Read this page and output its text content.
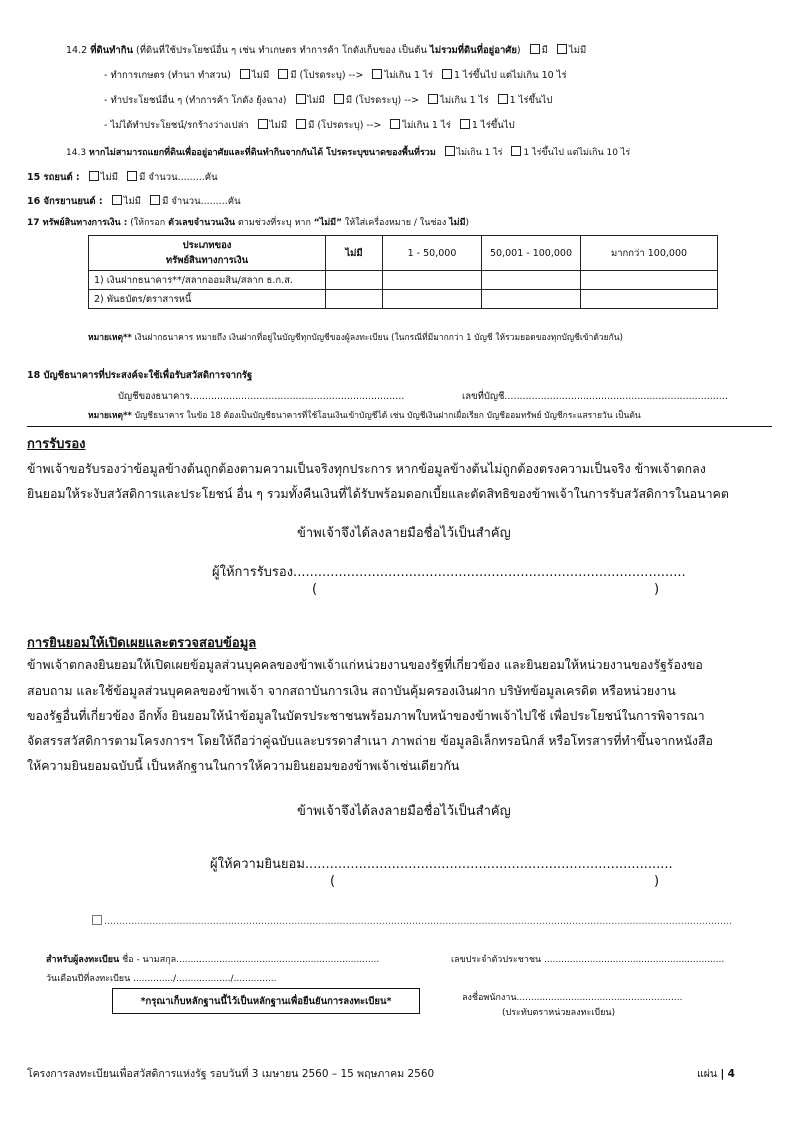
14.2 ที่ดินทำกิน (ที่ดินที่ใช้ประโยชน์อื่น ๆ เช่น ทำเกษตร ทำการค้า โกดังเก็บของ เป็นต้น ไม่รวมที่ดินที่อยู่อาศัย) มี ไม่มี
- ทำการเกษตร (ทำนา ทำสวน) ไม่มี มี (โปรดระบุ) --> ไม่เกิน 1 ไร่ 1 ไร่ขึ้นไป แต่ไม่เกิน 10 ไร่
- ทำประโยชน์อื่น ๆ (ทำการค้า โกดัง ยุ้งฉาง) ไม่มี มี (โปรดระบุ) --> ไม่เกิน 1 ไร่ 1 ไร่ขึ้นไป
- ไม่ได้ทำประโยชน์/รกร้างว่างเปล่า ไม่มี มี (โปรดระบุ) --> ไม่เกิน 1 ไร่ 1 ไร่ขึ้นไป
14.3 หากไม่สามารถแยกที่ดินเพื่ออยู่อาศัยและที่ดินทำกินจากกันได้ โปรดระบุขนาดของพื้นที่รวม ไม่เกิน 1 ไร่ 1 ไร่ขึ้นไป แต่ไม่เกิน 10 ไร่
15 รถยนต์ : ไม่มี มี จำนวน.........คัน
16 จักรยานยนต์ : ไม่มี มี จำนวน.........คัน
17 ทรัพย์สินทางการเงิน : (ให้กรอก ตัวเลขจำนวนเงิน ตามช่วงที่ระบุ หาก “ไม่มี” ให้ใส่เครื่องหมาย / ในช่อง ไม่มี)
ประเภทของ
ทรัพย์สินทางการเงิน	ไม่มี	1 - 50,000	50,001 - 100,000	มากกว่า 100,000
1) เงินฝากธนาคาร**/สลากออมสิน/สลาก ธ.ก.ส.				
2) พันธบัตร/ตราสารหนี้				
หมายเหตุ** เงินฝากธนาคาร หมายถึง เงินฝากที่อยู่ในบัญชีทุกบัญชีของผู้ลงทะเบียน (ในกรณีที่มีมากกว่า 1 บัญชี ให้รวมยอดของทุกบัญชีเข้าด้วยกัน)
18 บัญชีธนาคารที่ประสงค์จะใช้เพื่อรับสวัสดิการจากรัฐ
บัญชีของธนาคาร.......................................................................	เลขที่บัญชี..........................................................................
หมายเหตุ** บัญชีธนาคาร ในข้อ 18 ต้องเป็นบัญชีธนาคารที่ใช้โอนเงินเข้าบัญชีได้ เช่น บัญชีเงินฝากเผื่อเรียก บัญชีออมทรัพย์ บัญชีกระแสรายวัน เป็นต้น
การรับรอง
ข้าพเจ้าขอรับรองว่าข้อมูลข้างต้นถูกต้องตามความเป็นจริงทุกประการ หากข้อมูลข้างต้นไม่ถูกต้องตรงความเป็นจริง ข้าพเจ้าตกลง
ยินยอมให้ระงับสวัสดิการและประโยชน์ อื่น ๆ รวมทั้งคืนเงินที่ได้รับพร้อมดอกเบี้ยและตัดสิทธิของข้าพเจ้าในการรับสวัสดิการในอนาคต
ข้าพเจ้าจึงได้ลงลายมือชื่อไว้เป็นสำคัญ
ผู้ให้การรับรอง...............................................................................................
(	)
การยินยอมให้เปิดเผยและตรวจสอบข้อมูล
ข้าพเจ้าตกลงยินยอมให้เปิดเผยข้อมูลส่วนบุคคลของข้าพเจ้าแก่หน่วยงานของรัฐที่เกี่ยวข้อง และยินยอมให้หน่วยงานของรัฐร้องขอ
สอบถาม และใช้ข้อมูลส่วนบุคคลของข้าพเจ้า จากสถาบันการเงิน สถาบันคุ้มครองเงินฝาก บริษัทข้อมูลเครดิต หรือหน่วยงาน
ของรัฐอื่นที่เกี่ยวข้อง อีกทั้ง ยินยอมให้นำข้อมูลในบัตรประชาชนพร้อมภาพใบหน้าของข้าพเจ้าไปใช้ เพื่อประโยชน์ในการพิจารณา
จัดสรรสวัสดิการตามโครงการฯ โดยให้ถือว่าคู่ฉบับและบรรดาสำเนา ภาพถ่าย ข้อมูลอิเล็กทรอนิกส์ หรือโทรสารที่ทำขึ้นจากหนังสือ
ให้ความยินยอมฉบับนี้ เป็นหลักฐานในการให้ความยินยอมของข้าพเจ้าเช่นเดียวกัน
ข้าพเจ้าจึงได้ลงลายมือชื่อไว้เป็นสำคัญ
ผู้ให้ความยินยอม.........................................................................................
(	)
................................................................................................................................................................................................................
สำหรับผู้ลงทะเบียน ชื่อ - นามสกุล.......................................................................	เลขประจำตัวประชาชน ...............................................................
วันเดือนปีที่ลงทะเบียน ............../.................../...............
*กรุณาเก็บหลักฐานนี้ไว้เป็นหลักฐานเพื่อยืนยันการลงทะเบียน*	ลงชื่อพนักงาน..........................................................
(ประทับตราหน่วยลงทะเบียน)
โครงการลงทะเบียนเพื่อสวัสดิการแห่งรัฐ รอบวันที่ 3 เมษายน 2560 – 15 พฤษภาคม 2560	แผ่น | 4
